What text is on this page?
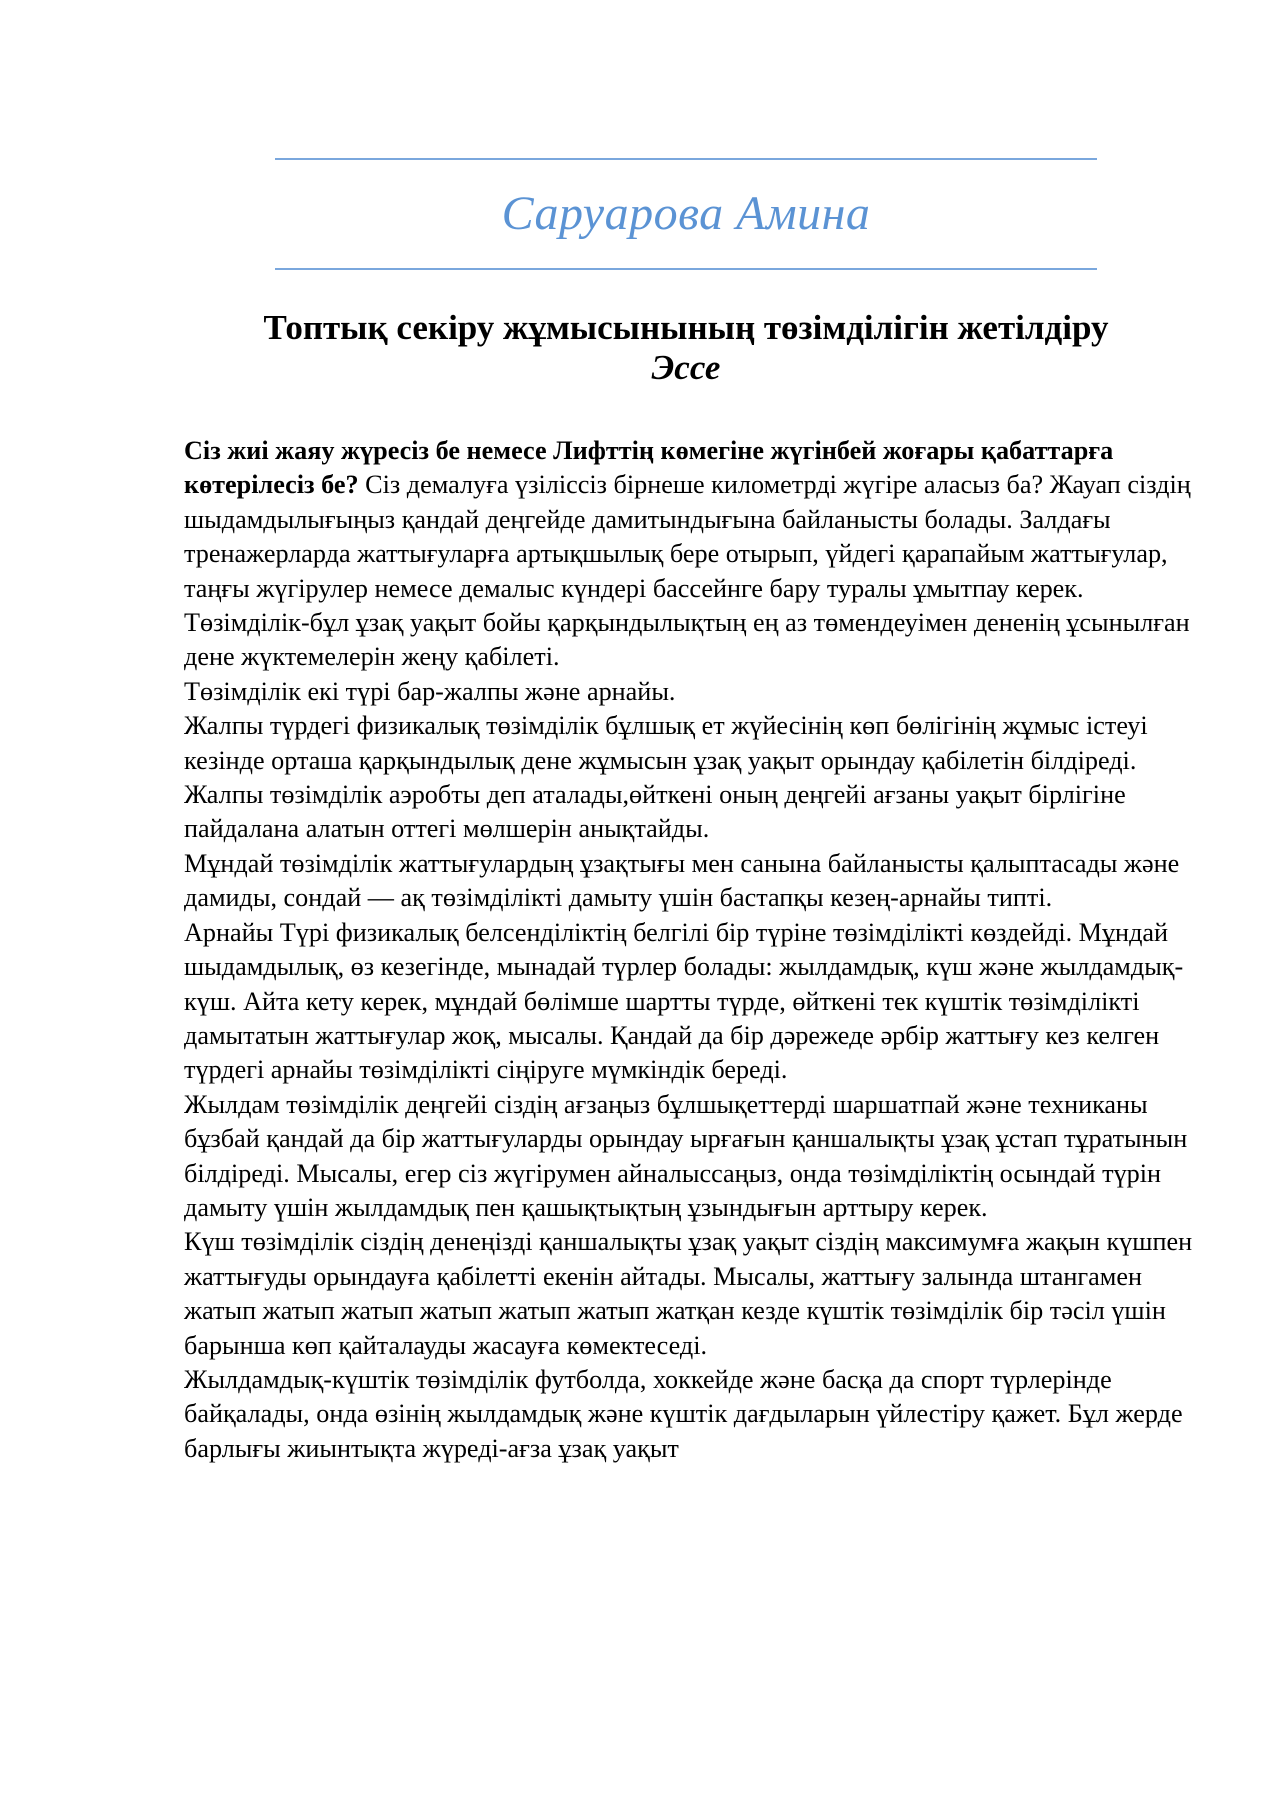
Саруарова Амина
Топтық секіру жұмысынының төзімділігін жетілдіру
Эссе

Сіз жиі жаяу жүресіз бе немесе Лифттің көмегіне жүгінбей жоғары қабаттарға көтерілесіз бе? Сіз демалуға үзіліссіз бірнеше километрді жүгіре аласыз ба? Жауап сіздің шыдамдылығыңыз қандай деңгейде дамитындығына байланысты болады. Залдағы тренажерларда жаттығуларға артықшылық бере отырып, үйдегі қарапайым жаттығулар, таңғы жүгірулер немесе демалыс күндері бассейнге бару туралы ұмытпау керек.

Төзімділік-бұл ұзақ уақыт бойы қарқындылықтың ең аз төмендеуімен дененің ұсынылған дене жүктемелерін жеңу қабілеті.

Төзімділік екі түрі бар-жалпы және арнайы.

Жалпы түрдегі физикалық төзімділік бұлшық ет жүйесінің көп бөлігінің жұмыс істеуі кезінде орташа қарқындылық дене жұмысын ұзақ уақыт орындау қабілетін білдіреді. Жалпы төзімділік аэробты деп аталады,өйткені оның деңгейі ағзаны уақыт бірлігіне пайдалана алатын оттегі мөлшерін анықтайды.

Мұндай төзімділік жаттығулардың ұзақтығы мен санына байланысты қалыптасады және дамиды, сондай — ақ төзімділікті дамыту үшін бастапқы кезең-арнайы типті.

Арнайы Түрі физикалық белсенділіктің белгілі бір түріне төзімділікті көздейді. Мұндай шыдамдылық, өз кезегінде, мынадай түрлер болады: жылдамдық, күш және жылдамдық-күш. Айта кету керек, мұндай бөлімше шартты түрде, өйткені тек күштік төзімділікті дамытатын жаттығулар жоқ, мысалы. Қандай да бір дәрежеде әрбір жаттығу кез келген түрдегі арнайы төзімділікті сіңіруге мүмкіндік береді.

Жылдам төзімділік деңгейі сіздің ағзаңыз бұлшықеттерді шаршатпай және техниканы бұзбай қандай да бір жаттығуларды орындау ырғағын қаншалықты ұзақ ұстап тұратынын білдіреді. Мысалы, егер сіз жүгірумен айналыссаңыз, онда төзімділіктің осындай түрін дамыту үшін жылдамдық пен қашықтықтың ұзындығын арттыру керек.

Күш төзімділік сіздің денеңізді қаншалықты ұзақ уақыт сіздің максимумға жақын күшпен жаттығуды орындауға қабілетті екенін айтады. Мысалы, жаттығу залында штангамен жатып жатып жатып жатып жатып жатып жатқан кезде күштік төзімділік бір тәсіл үшін барынша көп қайталауды жасауға көмектеседі.

Жылдамдық-күштік төзімділік футболда, хоккейде және басқа да спорт түрлерінде байқалады, онда өзінің жылдамдық және күштік дағдыларын үйлестіру қажет. Бұл жерде барлығы жиынтықта жүреді-ағза ұзақ уақыт
